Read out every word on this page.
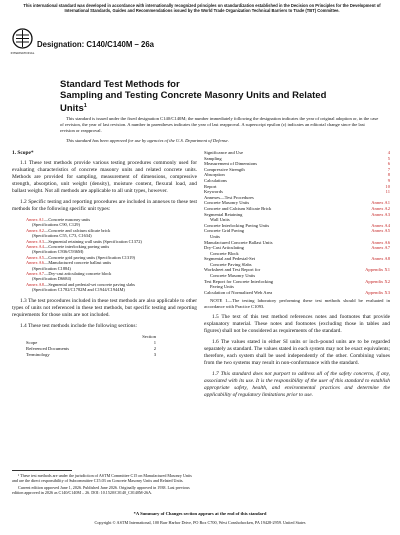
This international standard was developed in accordance with internationally recognized principles on standardization established in the Decision on Principles for the Development of International Standards, Guides and Recommendations issued by the World Trade Organization Technical Barriers to Trade (TBT) Committee.
INTERNATIONAL
Designation: C140/C140M – 26a
Standard Test Methods for
Sampling and Testing Concrete Masonry Units and Related
Units$^1$

This standard is issued under the fixed designation C140/C140M; the number immediately following the designation indicates the year of original adoption or, in the case of revision, the year of last revision. A number in parentheses indicates the year of last reapproval. A superscript epsilon (ε) indicates an editorial change since the last revision or reapproval.

This standard has been approved for use by agencies of the U.S. Department of Defense.

1. Scope*
1.1 These test methods provide various testing procedures commonly used for evaluating characteristics of concrete masonry units and related concrete units. Methods are provided for sampling, measurement of dimensions, compressive strength, absorption, unit weight (density), moisture content, flexural load, and ballast weight. Not all methods are applicable to all unit types, however.
1.2 Specific testing and reporting procedures are included in annexes to these test methods for the following specific unit types:
Annex A1—Concrete masonry units
(Specifications C90, C129)
Annex A2—Concrete and calcium silicate brick
(Specifications C55, C73, C1634)
Annex A3—Segmental retaining wall units (Specification C1372)
Annex A4—Concrete interlocking paving units
(Specification C936/C936M)
Annex A5—Concrete grid paving units (Specification C1319)
Annex A6—Manufactured concrete ballast units
(Specification C1884)
Annex A7—Dry-cast articulating concrete block
(Specification D6684)
Annex A8—Segmental and pedestal-set concrete paving slabs
(Specification C1782/C1782M and C1944/C1944M)
1.3 The test procedures included in these test methods are also applicable to other types of units not referenced in these test methods, but specific testing and reporting requirements for those units are not included.
1.4 These test methods include the following sections:
Section
Scope	1
Referenced Documents	2
Terminology	3

¹ These test methods are under the jurisdiction of ASTM Committee C15 on Manufactured Masonry Units and are the direct responsibility of Subcommittee C15.03 on Concrete Masonry Units and Related Units.

Current edition approved June 1, 2026. Published June 2026. Originally approved in 1938. Last previous edition approved in 2026 as C140/C140M – 26. DOI: 10.1520/C0140_C0140M-26A.

Significance and Use	4
Sampling	5
Measurement of Dimensions	6
Compressive Strength	7
Absorption	8
Calculations	9
Report	10
Keywords	11
Annexes—Test Procedures
Concrete Masonry Units	Annex A1
Concrete and Calcium Silicate Brick	Annex A2
Segmental Retaining	Annex A3
Wall Units
Concrete Interlocking Paving Units	Annex A4
Concrete Grid Paving	Annex A5
Units
Manufactured Concrete Ballast Units	Annex A6
Dry-Cast Articulating	Annex A7
Concrete Block
Segmental and Pedestal-Set	Annex A8
Concrete Paving Slabs
Worksheet and Test Report for	Appendix X1
Concrete Masonry Units
Test Report for Concrete Interlocking	Appendix X2
Paving Units
Calculation of Normalized Web Area	Appendix X3
NOTE 1—The testing laboratory performing these test methods should be evaluated in accordance with Practice C1093.
1.5 The text of this test method references notes and footnotes that provide explanatory material. These notes and footnotes (excluding those in tables and figures) shall not be considered as requirements of the standard.
1.6 The values stated in either SI units or inch-pound units are to be regarded separately as standard. The values stated in each system may not be exact equivalents; therefore, each system shall be used independently of the other. Combining values from the two systems may result in non-conformance with the standard.
1.7 This standard does not purport to address all of the safety concerns, if any, associated with its use. It is the responsibility of the user of this standard to establish appropriate safety, health, and environmental practices and determine the applicability of regulatory limitations prior to use.
*A Summary of Changes section appears at the end of this standard
Copyright © ASTM International, 100 Barr Harbor Drive, PO Box C700, West Conshohocken, PA 19428-2959. United States
